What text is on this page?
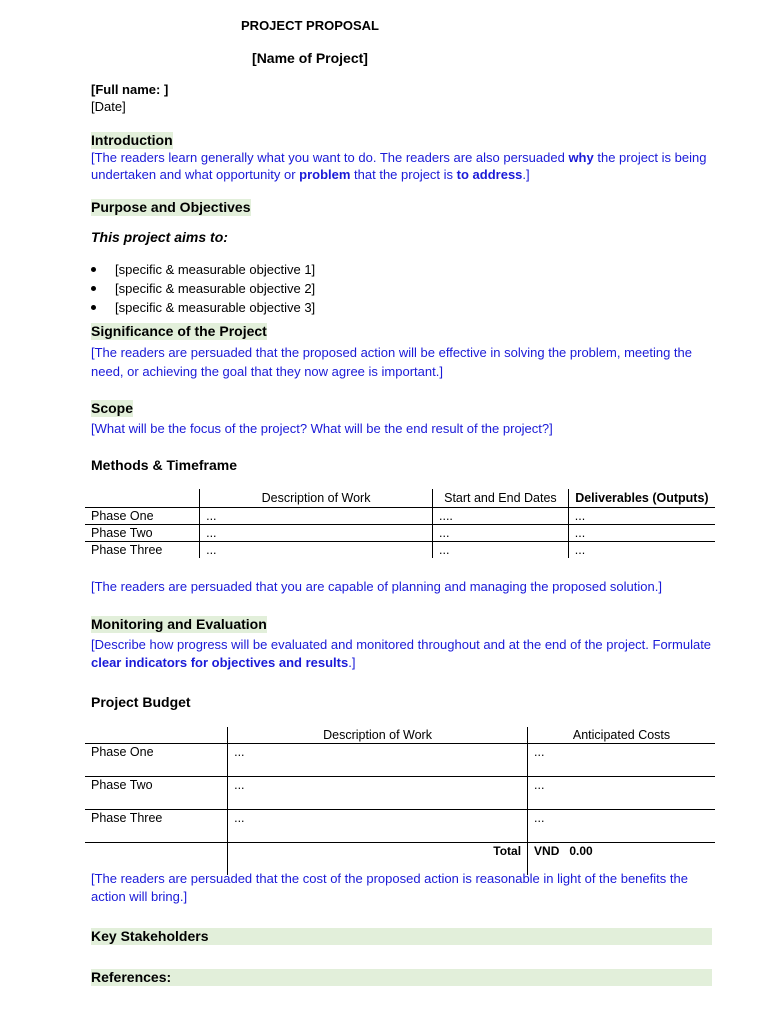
PROJECT PROPOSAL
[Name of Project]
[Full name: ]
[Date]
Introduction
[The readers learn generally what you want to do. The readers are also persuaded why the project is being undertaken and what opportunity or problem that the project is to address.]
Purpose and Objectives
This project aims to:
[specific & measurable objective 1]
[specific & measurable objective 2]
[specific & measurable objective 3]
Significance of the Project
[The readers are persuaded that the proposed action will be effective in solving the problem, meeting the need, or achieving the goal that they now agree is important.]
Scope
[What will be the focus of the project? What will be the end result of the project?]
Methods & Timeframe
	Description of Work	Start and End Dates	Deliverables (Outputs)
Phase One	...	....	...
Phase Two	...	...	...
Phase Three	...	...	...
[The readers are persuaded that you are capable of planning and managing the proposed solution.]
Monitoring and Evaluation
[Describe how progress will be evaluated and monitored throughout and at the end of the project. Formulate clear indicators for objectives and results.]
Project Budget
	Description of Work	Anticipated Costs
Phase One	...	...
Phase Two	...	...
Phase Three	...	...
	Total	VND   0.00
[The readers are persuaded that the cost of the proposed action is reasonable in light of the benefits the action will bring.]
Key Stakeholders
References:
